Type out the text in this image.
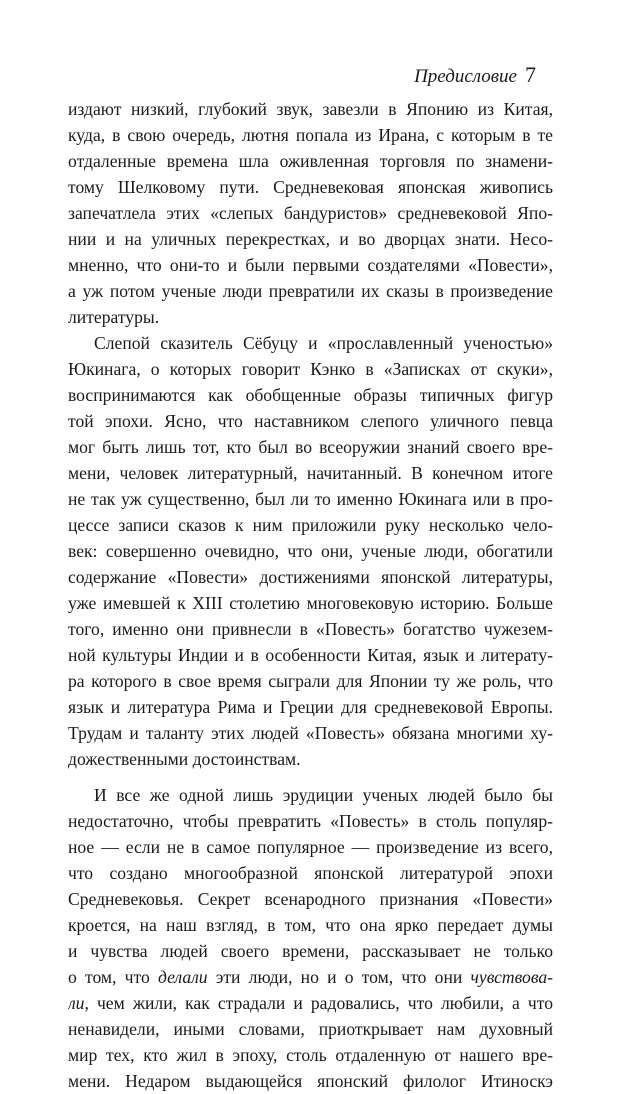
Предисловие 7
издают низкий, глубокий звук, завезли в Японию из Китая,
куда, в свою очередь, лютня попала из Ирана, с которым в те
отдаленные времена шла оживленная торговля по знамени-
тому Шелковому пути. Средневековая японская живопись
запечатлела этих «слепых бандуристов» средневековой Япо-
нии и на уличных перекрестках, и во дворцах знати. Несо-
мненно, что они-то и были первыми создателями «Повести»,
а уж потом ученые люди превратили их сказы в произведение
литературы.
Слепой сказитель Сёбуцу и «прославленный ученостью»
Юкинага, о которых говорит Кэнко в «Записках от скуки»,
воспринимаются как обобщенные образы типичных фигур
той эпохи. Ясно, что наставником слепого уличного певца
мог быть лишь тот, кто был во всеоружии знаний своего вре-
мени, человек литературный, начитанный. В конечном итоге
не так уж существенно, был ли то именно Юкинага или в про-
цессе записи сказов к ним приложили руку несколько чело-
век: совершенно очевидно, что они, ученые люди, обогатили
содержание «Повести» достижениями японской литературы,
уже имевшей к XIII столетию многовековую историю. Больше
того, именно они привнесли в «Повесть» богатство чужезем-
ной культуры Индии и в особенности Китая, язык и литерату-
ра которого в свое время сыграли для Японии ту же роль, что
язык и литература Рима и Греции для средневековой Европы.
Трудам и таланту этих людей «Повесть» обязана многими ху-
дожественными достоинствам.
И все же одной лишь эрудиции ученых людей было бы
недостаточно, чтобы превратить «Повесть» в столь популяр-
ное — если не в самое популярное — произведение из всего,
что создано многообразной японской литературой эпохи
Средневековья. Секрет всенародного признания «Повести»
кроется, на наш взгляд, в том, что она ярко передает думы
и чувства людей своего времени, рассказывает не только
о том, что делали эти люди, но и о том, что они чувствова-
ли, чем жили, как страдали и радовались, что любили, а что
ненавидели, иными словами, приоткрывает нам духовный
мир тех, кто жил в эпоху, столь отдаленную от нашего вре-
мени. Недаром выдающейся японский филолог Итиноскэ
